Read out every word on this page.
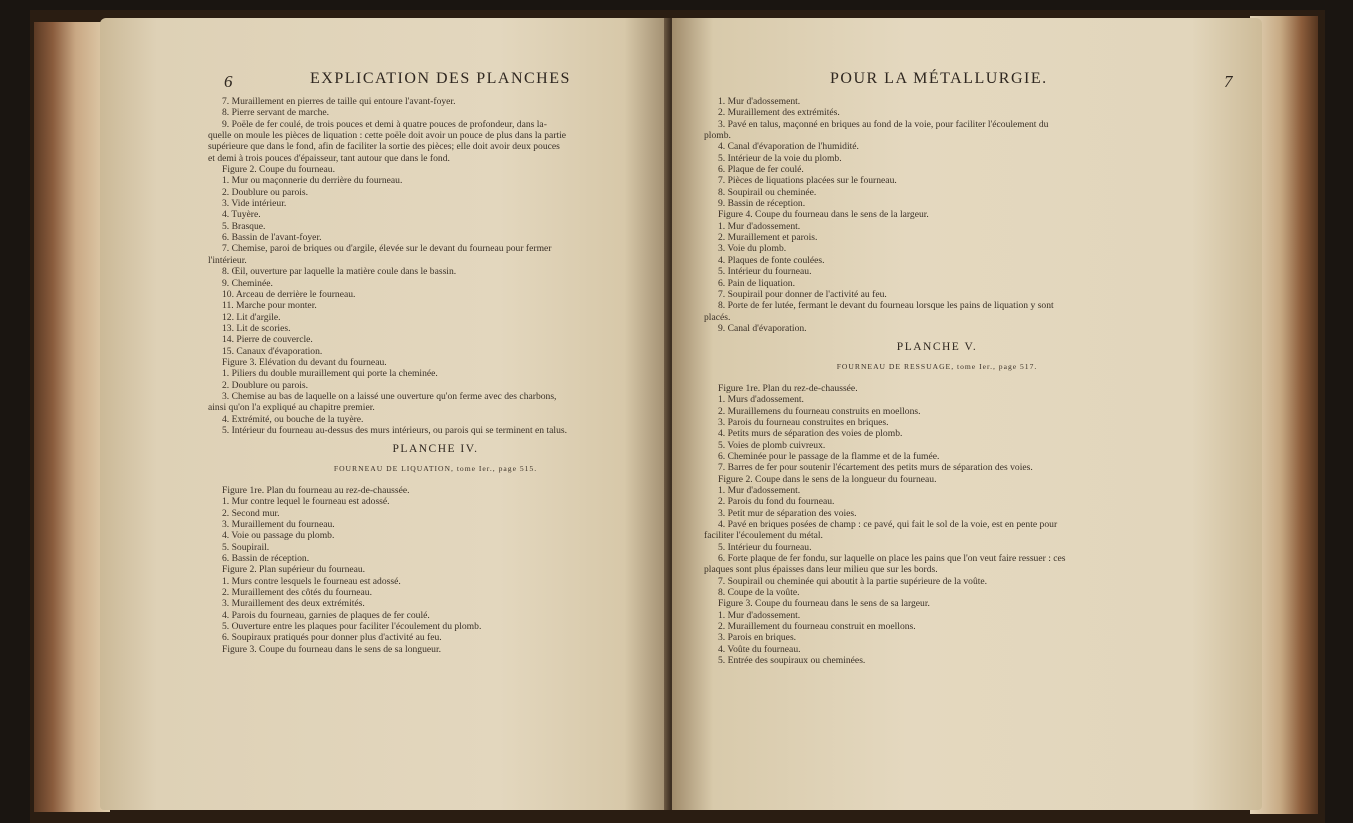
6	EXPLICATION DES PLANCHES

7. Muraillement en pierres de taille qui entoure l'avant-foyer.

8. Pierre servant de marche.

9. Poële de fer coulé, de trois pouces et demi à quatre pouces de profondeur, dans la-

quelle on moule les pièces de liquation : cette poële doit avoir un pouce de plus dans la partie

supérieure que dans le fond, afin de faciliter la sortie des pièces; elle doit avoir deux pouces

et demi à trois pouces d'épaisseur, tant autour que dans le fond.

Figure 2. Coupe du fourneau.

1. Mur ou maçonnerie du derrière du fourneau.

2. Doublure ou parois.

3. Vide intérieur.

4. Tuyère.

5. Brasque.

6. Bassin de l'avant-foyer.

7. Chemise, paroi de briques ou d'argile, élevée sur le devant du fourneau pour fermer

l'intérieur.

8. Œil, ouverture par laquelle la matière coule dans le bassin.

9. Cheminée.

10. Arceau de derrière le fourneau.

11. Marche pour monter.

12. Lit d'argile.

13. Lit de scories.

14. Pierre de couvercle.

15. Canaux d'évaporation.

Figure 3. Elévation du devant du fourneau.

1. Piliers du double muraillement qui porte la cheminée.

2. Doublure ou parois.

3. Chemise au bas de laquelle on a laissé une ouverture qu'on ferme avec des charbons,

ainsi qu'on l'a expliqué au chapitre premier.

4. Extrémité, ou bouche de la tuyère.

5. Intérieur du fourneau au-dessus des murs intérieurs, ou parois qui se terminent en talus.

PLANCHE IV.

FOURNEAU DE LIQUATION, tome Ier., page 515.

Figure 1re. Plan du fourneau au rez-de-chaussée.

1. Mur contre lequel le fourneau est adossé.

2. Second mur.

3. Muraillement du fourneau.

4. Voie ou passage du plomb.

5. Soupirail.

6. Bassin de réception.

Figure 2. Plan supérieur du fourneau.

1. Murs contre lesquels le fourneau est adossé.

2. Muraillement des côtés du fourneau.

3. Muraillement des deux extrémités.

4. Parois du fourneau, garnies de plaques de fer coulé.

5. Ouverture entre les plaques pour faciliter l'écoulement du plomb.

6. Soupiraux pratiqués pour donner plus d'activité au feu.

Figure 3. Coupe du fourneau dans le sens de sa longueur.

POUR LA MÉTALLURGIE.	7

1. Mur d'adossement.

2. Muraillement des extrémités.

3. Pavé en talus, maçonné en briques au fond de la voie, pour faciliter l'écoulement du

plomb.

4. Canal d'évaporation de l'humidité.

5. Intérieur de la voie du plomb.

6. Plaque de fer coulé.

7. Pièces de liquations placées sur le fourneau.

8. Soupirail ou cheminée.

9. Bassin de réception.

Figure 4. Coupe du fourneau dans le sens de la largeur.

1. Mur d'adossement.

2. Muraillement et parois.

3. Voie du plomb.

4. Plaques de fonte coulées.

5. Intérieur du fourneau.

6. Pain de liquation.

7. Soupirail pour donner de l'activité au feu.

8. Porte de fer lutée, fermant le devant du fourneau lorsque les pains de liquation y sont

placés.

9. Canal d'évaporation.

PLANCHE V.

FOURNEAU DE RESSUAGE, tome Ier., page 517.

Figure 1re. Plan du rez-de-chaussée.

1. Murs d'adossement.

2. Muraillemens du fourneau construits en moellons.

3. Parois du fourneau construites en briques.

4. Petits murs de séparation des voies de plomb.

5. Voies de plomb cuivreux.

6. Cheminée pour le passage de la flamme et de la fumée.

7. Barres de fer pour soutenir l'écartement des petits murs de séparation des voies.

Figure 2. Coupe dans le sens de la longueur du fourneau.

1. Mur d'adossement.

2. Parois du fond du fourneau.

3. Petit mur de séparation des voies.

4. Pavé en briques posées de champ : ce pavé, qui fait le sol de la voie, est en pente pour

faciliter l'écoulement du métal.

5. Intérieur du fourneau.

6. Forte plaque de fer fondu, sur laquelle on place les pains que l'on veut faire ressuer : ces

plaques sont plus épaisses dans leur milieu que sur les bords.

7. Soupirail ou cheminée qui aboutit à la partie supérieure de la voûte.

8. Coupe de la voûte.

Figure 3. Coupe du fourneau dans le sens de sa largeur.

1. Mur d'adossement.

2. Muraillement du fourneau construit en moellons.

3. Parois en briques.

4. Voûte du fourneau.

5. Entrée des soupiraux ou cheminées.
